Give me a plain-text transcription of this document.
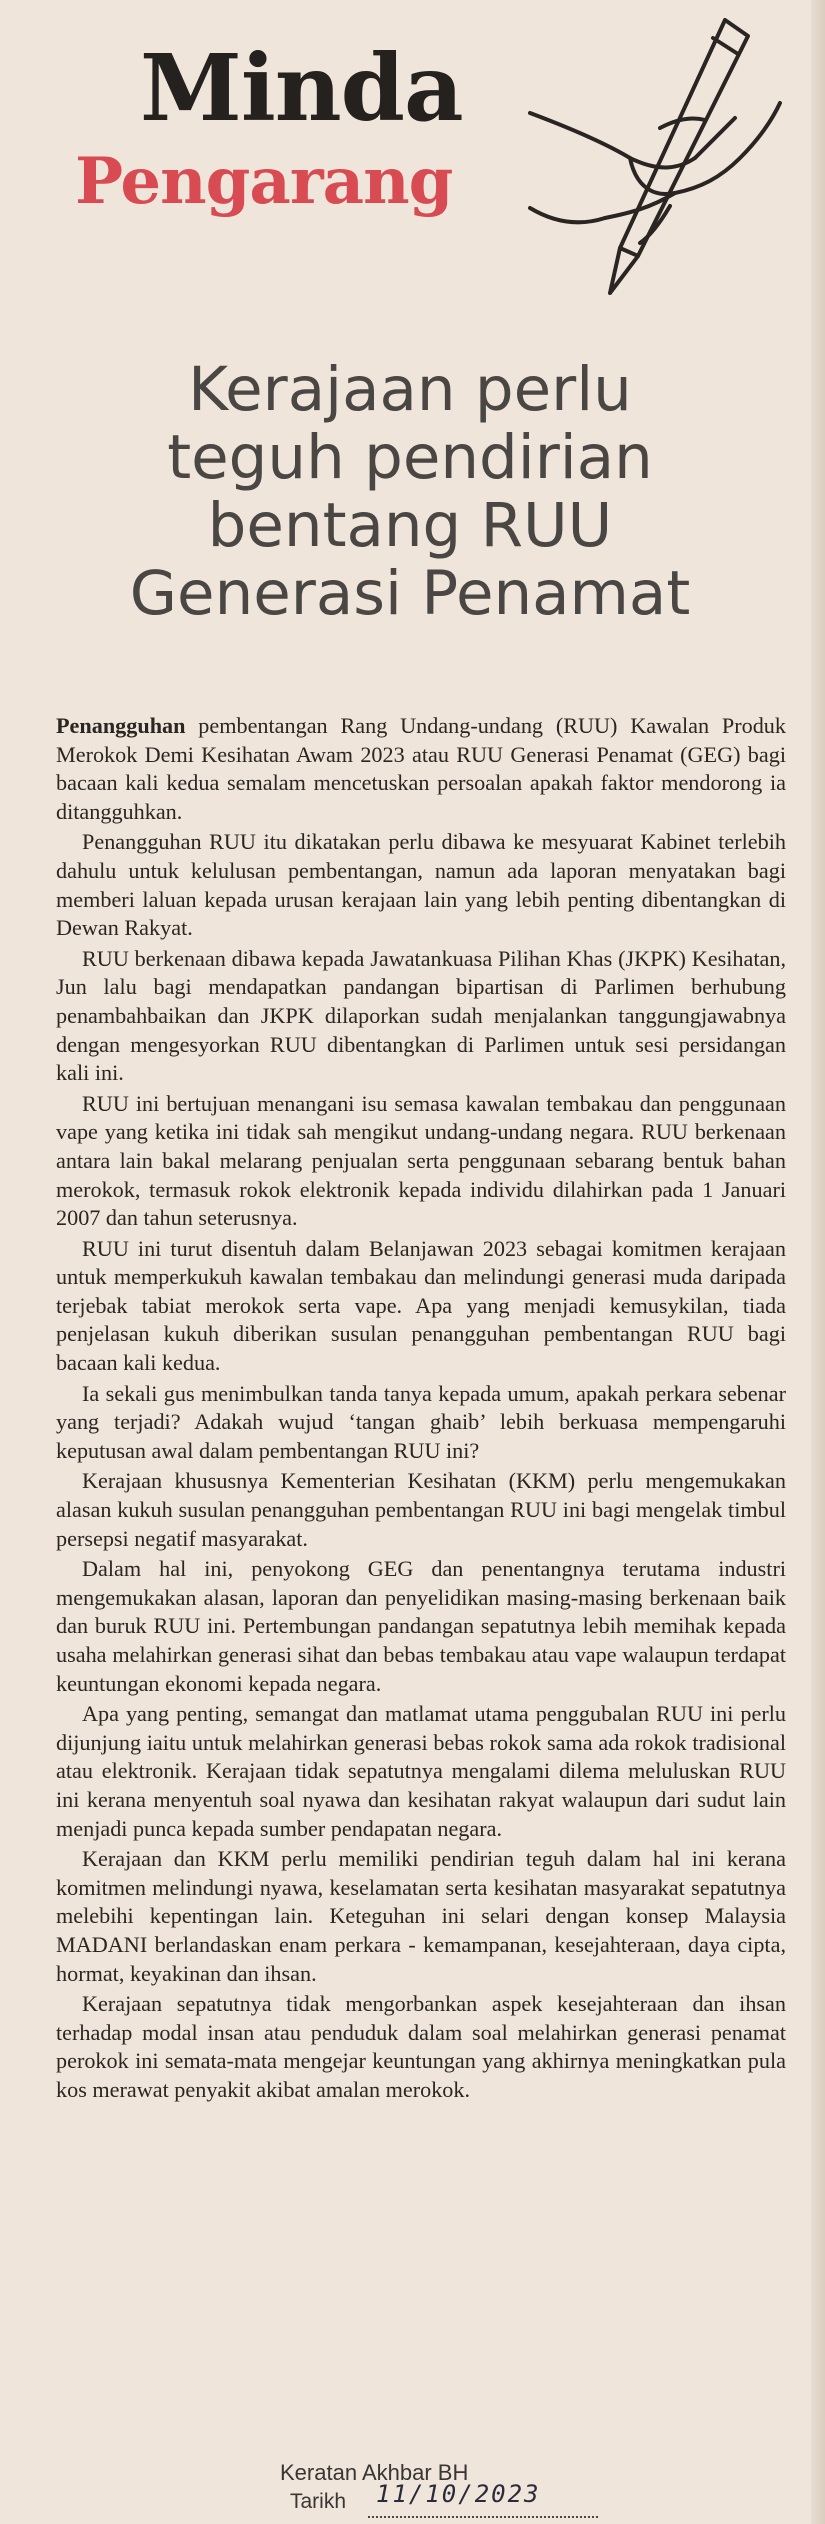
Minda
Pengarang
Kerajaan perlu
teguh pendirian
bentang RUU
Generasi Penamat

Penangguhan pembentangan Rang Undang-undang (RUU) Kawalan Produk Merokok Demi Kesihatan Awam 2023 atau RUU Generasi Penamat (GEG) bagi bacaan kali kedua semalam mencetuskan persoalan apakah faktor mendorong ia ditangguhkan.

Penangguhan RUU itu dikatakan perlu dibawa ke mesyuarat Kabinet terlebih dahulu untuk kelulusan pembentangan, namun ada laporan menyatakan bagi memberi laluan kepada urusan kerajaan lain yang lebih penting dibentangkan di Dewan Rakyat.

RUU berkenaan dibawa kepada Jawatankuasa Pilihan Khas (JKPK) Kesihatan, Jun lalu bagi mendapatkan pandangan bipartisan di Parlimen berhubung penambahbaikan dan JKPK dilaporkan sudah menjalankan tanggungjawabnya dengan mengesyorkan RUU dibentangkan di Parlimen untuk sesi persidangan kali ini.

RUU ini bertujuan menangani isu semasa kawalan tembakau dan penggunaan vape yang ketika ini tidak sah mengikut undang-undang negara. RUU berkenaan antara lain bakal melarang penjualan serta penggunaan sebarang bentuk bahan merokok, termasuk rokok elektronik kepada individu dilahirkan pada 1 Januari 2007 dan tahun seterusnya.

RUU ini turut disentuh dalam Belanjawan 2023 sebagai komitmen kerajaan untuk memperkukuh kawalan tembakau dan melindungi generasi muda daripada terjebak tabiat merokok serta vape. Apa yang menjadi kemusykilan, tiada penjelasan kukuh diberikan susulan penangguhan pembentangan RUU bagi bacaan kali kedua.

Ia sekali gus menimbulkan tanda tanya kepada umum, apakah perkara sebenar yang terjadi? Adakah wujud ‘tangan ghaib’ lebih berkuasa mempengaruhi keputusan awal dalam pembentangan RUU ini?

Kerajaan khususnya Kementerian Kesihatan (KKM) perlu mengemukakan alasan kukuh susulan penangguhan pembentangan RUU ini bagi mengelak timbul persepsi negatif masyarakat.

Dalam hal ini, penyokong GEG dan penentangnya terutama industri mengemukakan alasan, laporan dan penyelidikan masing-masing berkenaan baik dan buruk RUU ini. Pertembungan pandangan sepatutnya lebih memihak kepada usaha melahirkan generasi sihat dan bebas tembakau atau vape walaupun terdapat keuntungan ekonomi kepada negara.

Apa yang penting, semangat dan matlamat utama penggubalan RUU ini perlu dijunjung iaitu untuk melahirkan generasi bebas rokok sama ada rokok tradisional atau elektronik. Kerajaan tidak sepatutnya mengalami dilema meluluskan RUU ini kerana menyentuh soal nyawa dan kesihatan rakyat walaupun dari sudut lain menjadi punca kepada sumber pendapatan negara.

Kerajaan dan KKM perlu memiliki pendirian teguh dalam hal ini kerana komitmen melindungi nyawa, keselamatan serta kesihatan masyarakat sepatutnya melebihi kepentingan lain. Keteguhan ini selari dengan konsep Malaysia MADANI berlandaskan enam perkara - kemampanan, kesejahteraan, daya cipta, hormat, keyakinan dan ihsan.

Kerajaan sepatutnya tidak mengorbankan aspek kesejahteraan dan ihsan terhadap modal insan atau penduduk dalam soal melahirkan generasi penamat perokok ini semata-mata mengejar keuntungan yang akhirnya meningkatkan pula kos merawat penyakit akibat amalan merokok.

Keratan Akhbar BH
Tarikh 11/10/2023
